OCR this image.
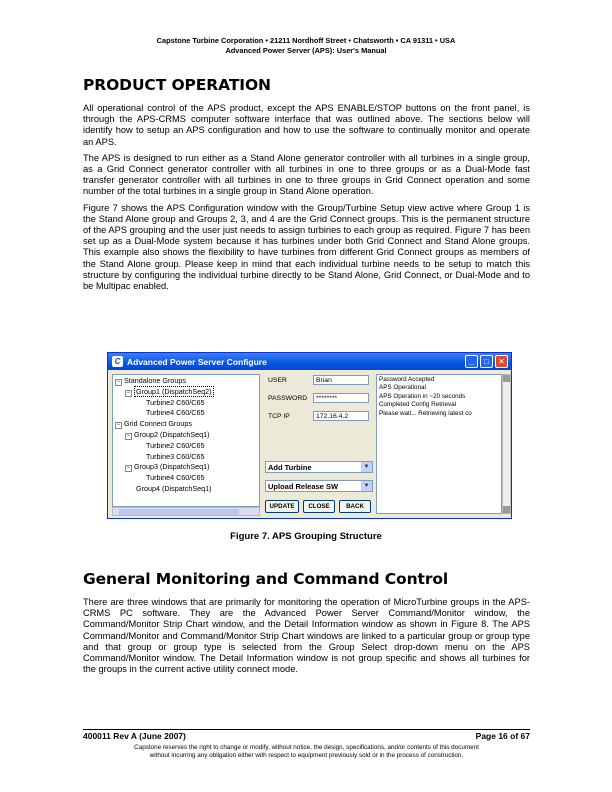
Capstone Turbine Corporation • 21211 Nordhoff Street • Chatsworth • CA 91311 • USA
Advanced Power Server (APS): User's Manual
PRODUCT OPERATION

All operational control of the APS product, except the APS ENABLE/STOP buttons on the front panel, is through the APS-CRMS computer software interface that was outlined above. The sections below will identify how to setup an APS configuration and how to use the software to continually monitor and operate an APS.

The APS is designed to run either as a Stand Alone generator controller with all turbines in a single group, as a Grid Connect generator controller with all turbines in one to three groups or as a Dual-Mode fast transfer generator controller with all turbines in one to three groups in Grid Connect operation and some number of the total turbines in a single group in Stand Alone operation.

Figure 7 shows the APS Configuration window with the Group/Turbine Setup view active where Group 1 is the Stand Alone group and Groups 2, 3, and 4 are the Grid Connect groups. This is the permanent structure of the APS grouping and the user just needs to assign turbines to each group as required. Figure 7 has been set up as a Dual-Mode system because it has turbines under both Grid Connect and Stand Alone groups. This example also shows the flexibility to have turbines from different Grid Connect groups as members of the Stand Alone group. Please keep in mind that each individual turbine needs to be setup to match this structure by configuring the individual turbine directly to be Stand Alone, Grid Connect, or Dual-Mode and to be Multipac enabled.

C Advanced Power Server Configure	_	□	✕
− Standalone Groups
− Group1 (DispatchSeq2)
Turbine2 C60/C65
Turbine4 C60/C65
− Grid Connect Groups
− Group2 (DispatchSeq1)
Turbine2 C60/C65
Turbine3 C60/C65
− Group3 (DispatchSeq1)
Turbine4 C60/C65
Group4 (DispatchSeq1)
USER	Brian
PASSWORD	********
TCP IP	172.16.4.2
Add Turbine	▼
Upload Release SW	▼
UPDATE	CLOSE	BACK
Password Accepted
APS Operational
APS Operation in ~20 seconds
Completed Config Retrieval
Please wait... Retrieving latest co
Figure 7. APS Grouping Structure
General Monitoring and Command Control

There are three windows that are primarily for monitoring the operation of MicroTurbine groups in the APS-CRMS PC software. They are the Advanced Power Server Command/Monitor window, the Command/Monitor Strip Chart window, and the Detail Information window as shown in Figure 8. The APS Command/Monitor and Command/Monitor Strip Chart windows are linked to a particular group or group type and that group or group type is selected from the Group Select drop-down menu on the APS Command/Monitor window. The Detail Information window is not group specific and shows all turbines for the groups in the current active utility connect mode.

400011 Rev A (June 2007)	Page 16 of 67
Capstone reserves the right to change or modify, without notice, the design, specifications, and/or contents of this document
without incurring any obligation either with respect to equipment previously sold or in the process of construction.
